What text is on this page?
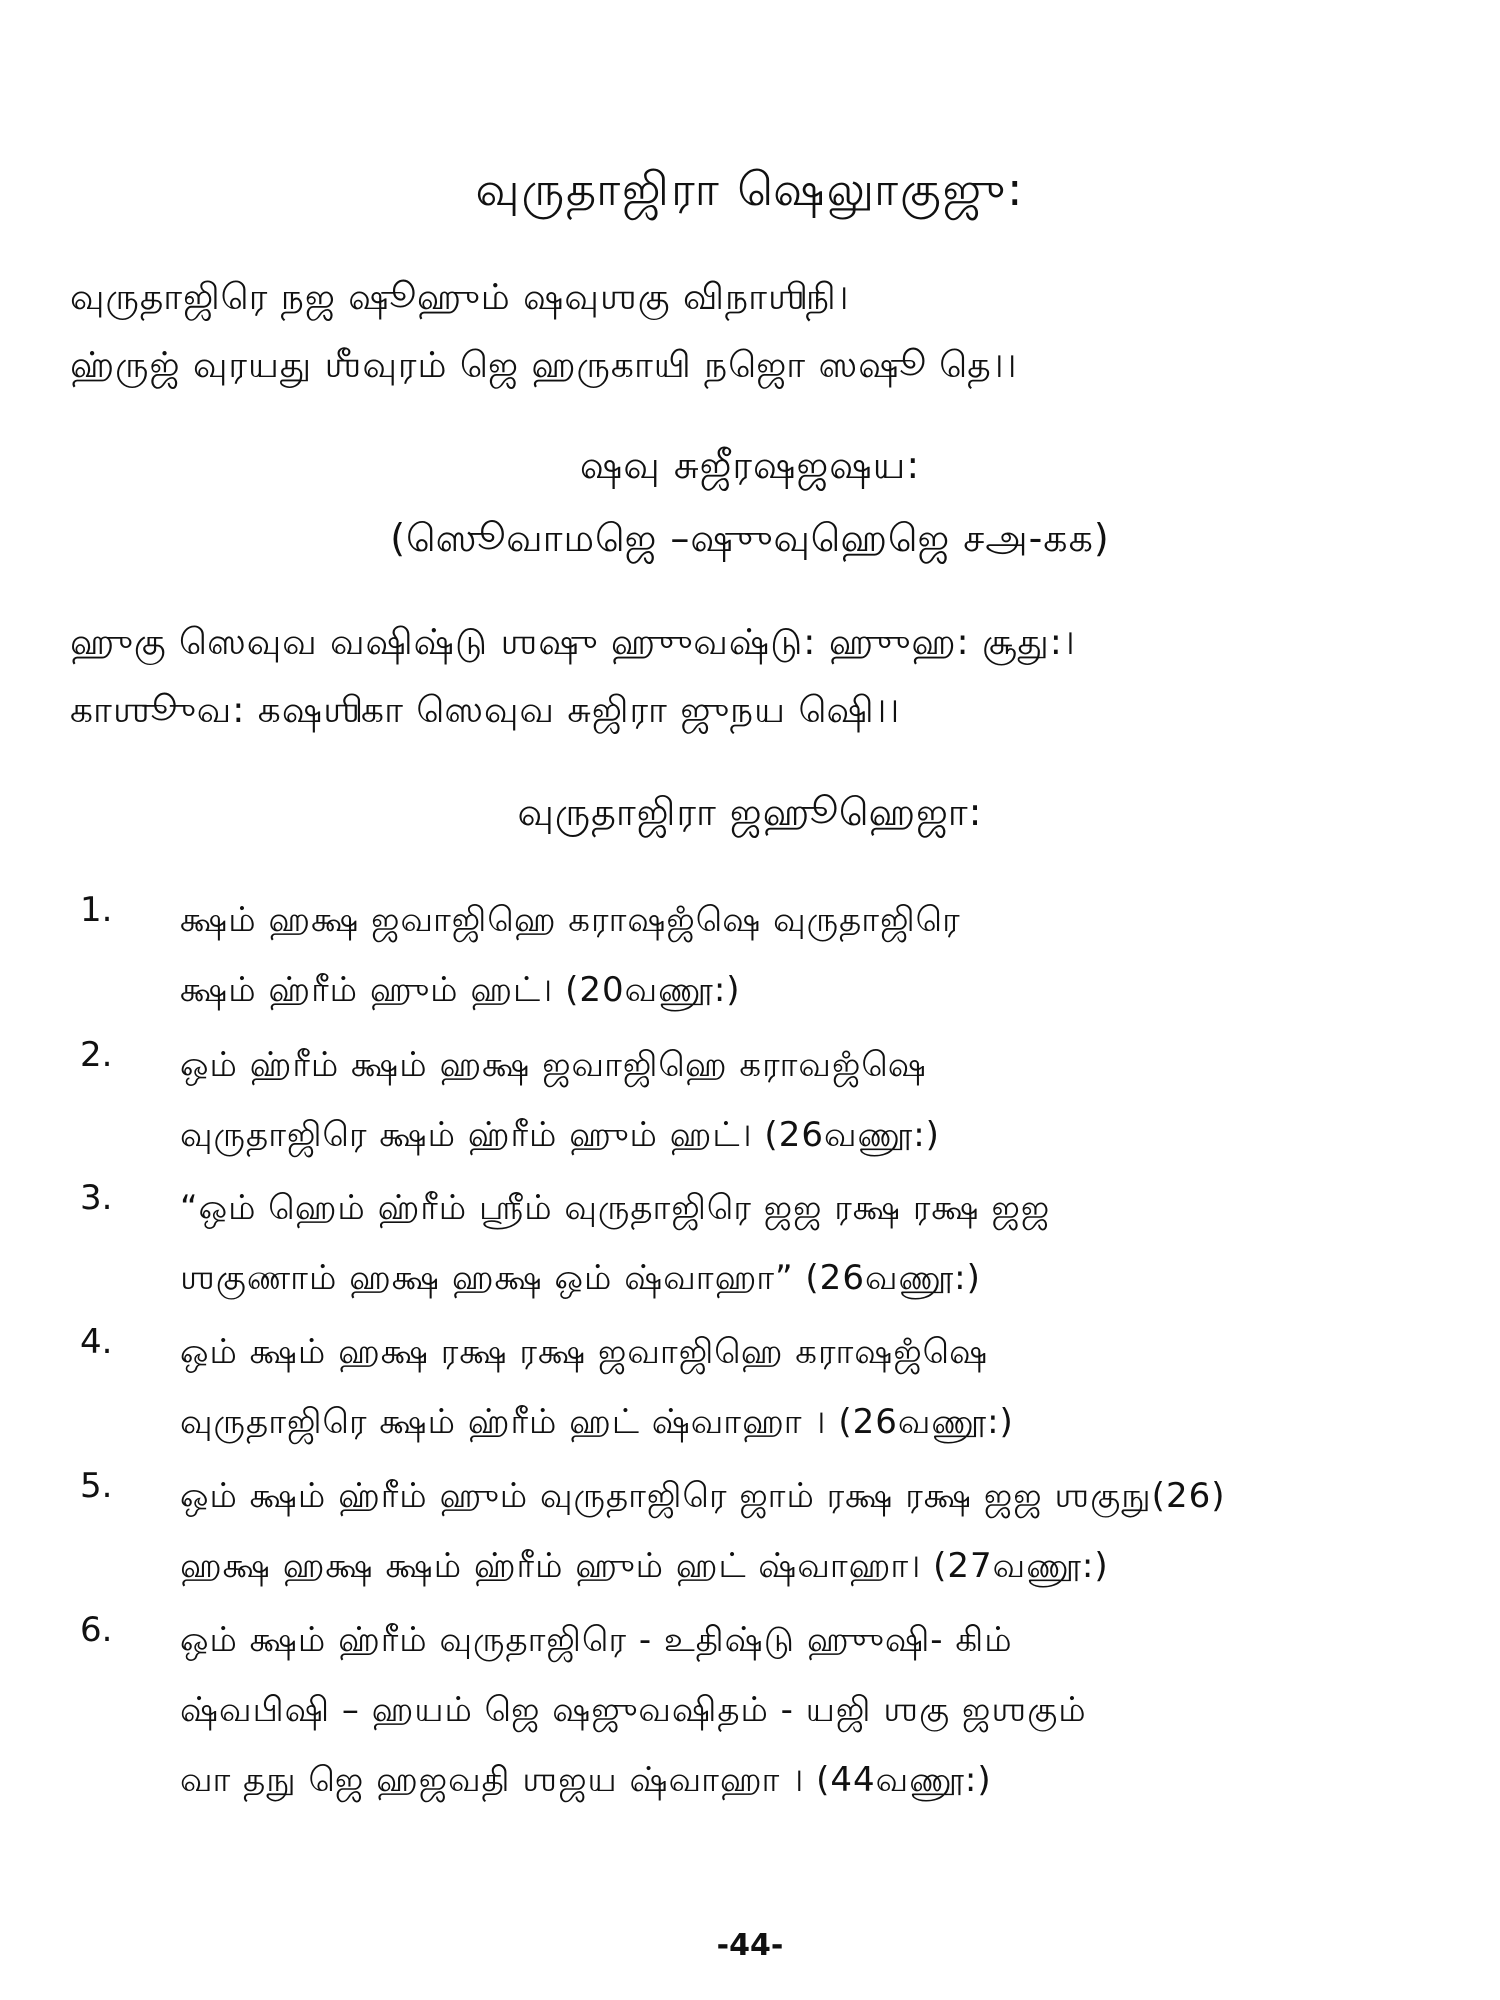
வுருதாஜிரா ஷெலுாகுஜு:
வுருதாஜிரெ நஜ ஷூஹும் ஷவுஶகு விநாஶிநி।
ஹ்ருஜ் வுரயது ஶீவுரம் ஜெ ஹருகாயி நஜொ ஸஷூ தெ।।
ஷவு சுஜீரஷஜஷய:
(ஸெூவாமஜெ –ஷுுவுஹெஜெ சஅ-கக)
ஹுகு ஸெவுவ வஷிஷ்டு ஶஷு ஹுுவஷ்டு: ஹுுஹ: சூது:।
காஶூுவ: கஷஶிகா ஸெவுவ சுஜிரா ஜுநய ஷிெ।।
வுருதாஜிரா ஜஹூஹெஜா:
1. க்ஷம் ஹக்ஷ ஜவாஜிஹெ கராஷஜஂஷெ வுருதாஜிரெ
க்ஷம் ஹ்ரீம் ஹும் ஹட்। (20வணூ:)
2. ஒம் ஹ்ரீம் க்ஷம் ஹக்ஷ ஜவாஜிஹெ கராவஜஂஷெ
வுருதாஜிரெ க்ஷம் ஹ்ரீம் ஹும் ஹட்। (26வணூ:)
3. “ஒம் ஹெம் ஹ்ரீம் ஶ்ரீம் வுருதாஜிரெ ஜஜ ரக்ஷ ரக்ஷ ஜஜ
ஶகுணாம் ஹக்ஷ ஹக்ஷ ஒம் ஷ்வாஹா” (26வணூ:)
4. ஒம் க்ஷம் ஹக்ஷ ரக்ஷ ரக்ஷ ஜவாஜிஹெ கராஷஜஂஷெ
வுருதாஜிரெ க்ஷம் ஹ்ரீம் ஹட் ஷ்வாஹா । (26வணூ:)
5. ஒம் க்ஷம் ஹ்ரீம் ஹும் வுருதாஜிரெ ஜாம் ரக்ஷ ரக்ஷ ஜஜ ஶகுநு(26)
ஹக்ஷ ஹக்ஷ க்ஷம் ஹ்ரீம் ஹும் ஹட் ஷ்வாஹா। (27வணூ:)
6. ஒம் க்ஷம் ஹ்ரீம் வுருதாஜிரெ - உதிஷ்டு ஹுுஷி- கிம்
ஷ்வபிஷி – ஹயம் ஜெ ஷஜுவஷிதம் - யஜி ஶகு ஜஶகும்
வா தநு ஜெ ஹஜவதி ஶஜய ஷ்வாஹா । (44வணூ:)
-44-
